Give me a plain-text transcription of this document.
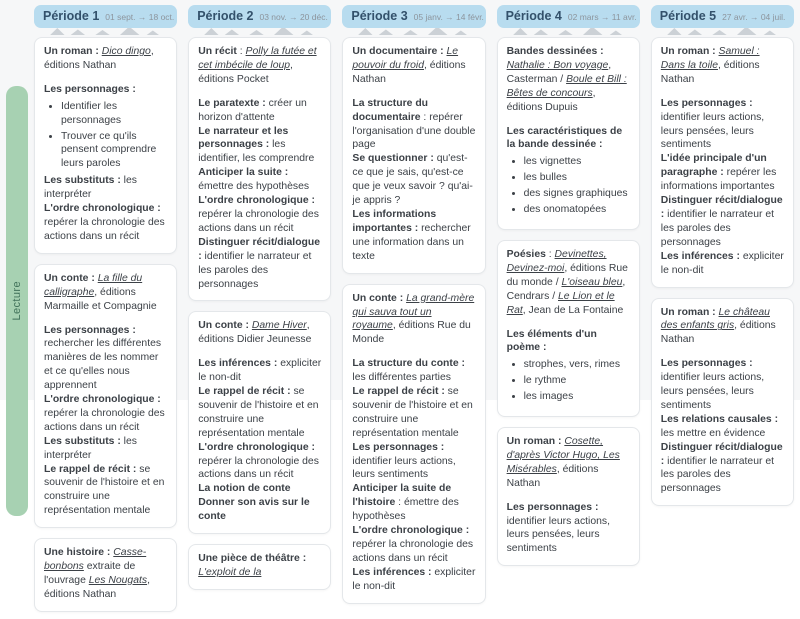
Lecture
Période 1 01 sept. → 18 oct.

Un roman : Dico dingo, éditions Nathan

Les personnages :

• Identifier les personnages
• Trouver ce qu'ils pensent comprendre leurs paroles

Les substituts : les interpréter

L'ordre chronologique : repérer la chronologie des actions dans un récit

Un conte : La fille du calligraphe, éditions Marmaille et Compagnie

Les personnages : rechercher les différentes manières de les nommer et ce qu'elles nous apprennent

L'ordre chronologique : repérer la chronologie des actions dans un récit

Les substituts : les interpréter

Le rappel de récit : se souvenir de l'histoire et en construire une représentation mentale

Une histoire : Casse-bonbons extraite de l'ouvrage Les Nougats, éditions Nathan

Période 2 03 nov. → 20 déc.

Un récit : Polly la futée et cet imbécile de loup, éditions Pocket

Le paratexte : créer un horizon d'attente

Le narrateur et les personnages : les identifier, les comprendre

Anticiper la suite : émettre des hypothèses

L'ordre chronologique : repérer la chronologie des actions dans un récit

Distinguer récit/dialogue : identifier le narrateur et les paroles des personnages

Un conte : Dame Hiver, éditions Didier Jeunesse

Les inférences : expliciter le non-dit

Le rappel de récit : se souvenir de l'histoire et en construire une représentation mentale

L'ordre chronologique : repérer la chronologie des actions dans un récit

La notion de conte

Donner son avis sur le conte

Une pièce de théâtre : L'exploit de la

Période 3 05 janv. → 14 févr.

Un documentaire : Le pouvoir du froid, éditions Nathan

La structure du documentaire : repérer l'organisation d'une double page

Se questionner : qu'est-ce que je sais, qu'est-ce que je veux savoir ? qu'ai-je appris ?

Les informations importantes : rechercher une information dans un texte

Un conte : La grand-mère qui sauva tout un royaume, éditions Rue du Monde

La structure du conte : les différentes parties

Le rappel de récit : se souvenir de l'histoire et en construire une représentation mentale

Les personnages : identifier leurs actions, leurs sentiments

Anticiper la suite de l'histoire : émettre des hypothèses

L'ordre chronologique : repérer la chronologie des actions dans un récit

Les inférences : expliciter le non-dit

Période 4 02 mars → 11 avr.

Bandes dessinées : Nathalie : Bon voyage, Casterman / Boule et Bill : Bêtes de concours, éditions Dupuis

Les caractéristiques de la bande dessinée :

• les vignettes
• les bulles
• des signes graphiques
• des onomatopées

Poésies : Devinettes, Devinez-moi, éditions Rue du monde / L'oiseau bleu, Cendrars / Le Lion et le Rat, Jean de La Fontaine

Les éléments d'un poème :

• strophes, vers, rimes
• le rythme
• les images

Un roman : Cosette, d'après Victor Hugo, Les Misérables, éditions Nathan

Les personnages : identifier leurs actions, leurs pensées, leurs sentiments

Période 5 27 avr. → 04 juil.

Un roman : Samuel : Dans la toile, éditions Nathan

Les personnages : identifier leurs actions, leurs pensées, leurs sentiments

L'idée principale d'un paragraphe : repérer les informations importantes

Distinguer récit/dialogue : identifier le narrateur et les paroles des personnages

Les inférences : expliciter le non-dit

Un roman : Le château des enfants gris, éditions Nathan

Les personnages : identifier leurs actions, leurs pensées, leurs sentiments

Les relations causales : les mettre en évidence

Distinguer récit/dialogue : identifier le narrateur et les paroles des personnages
